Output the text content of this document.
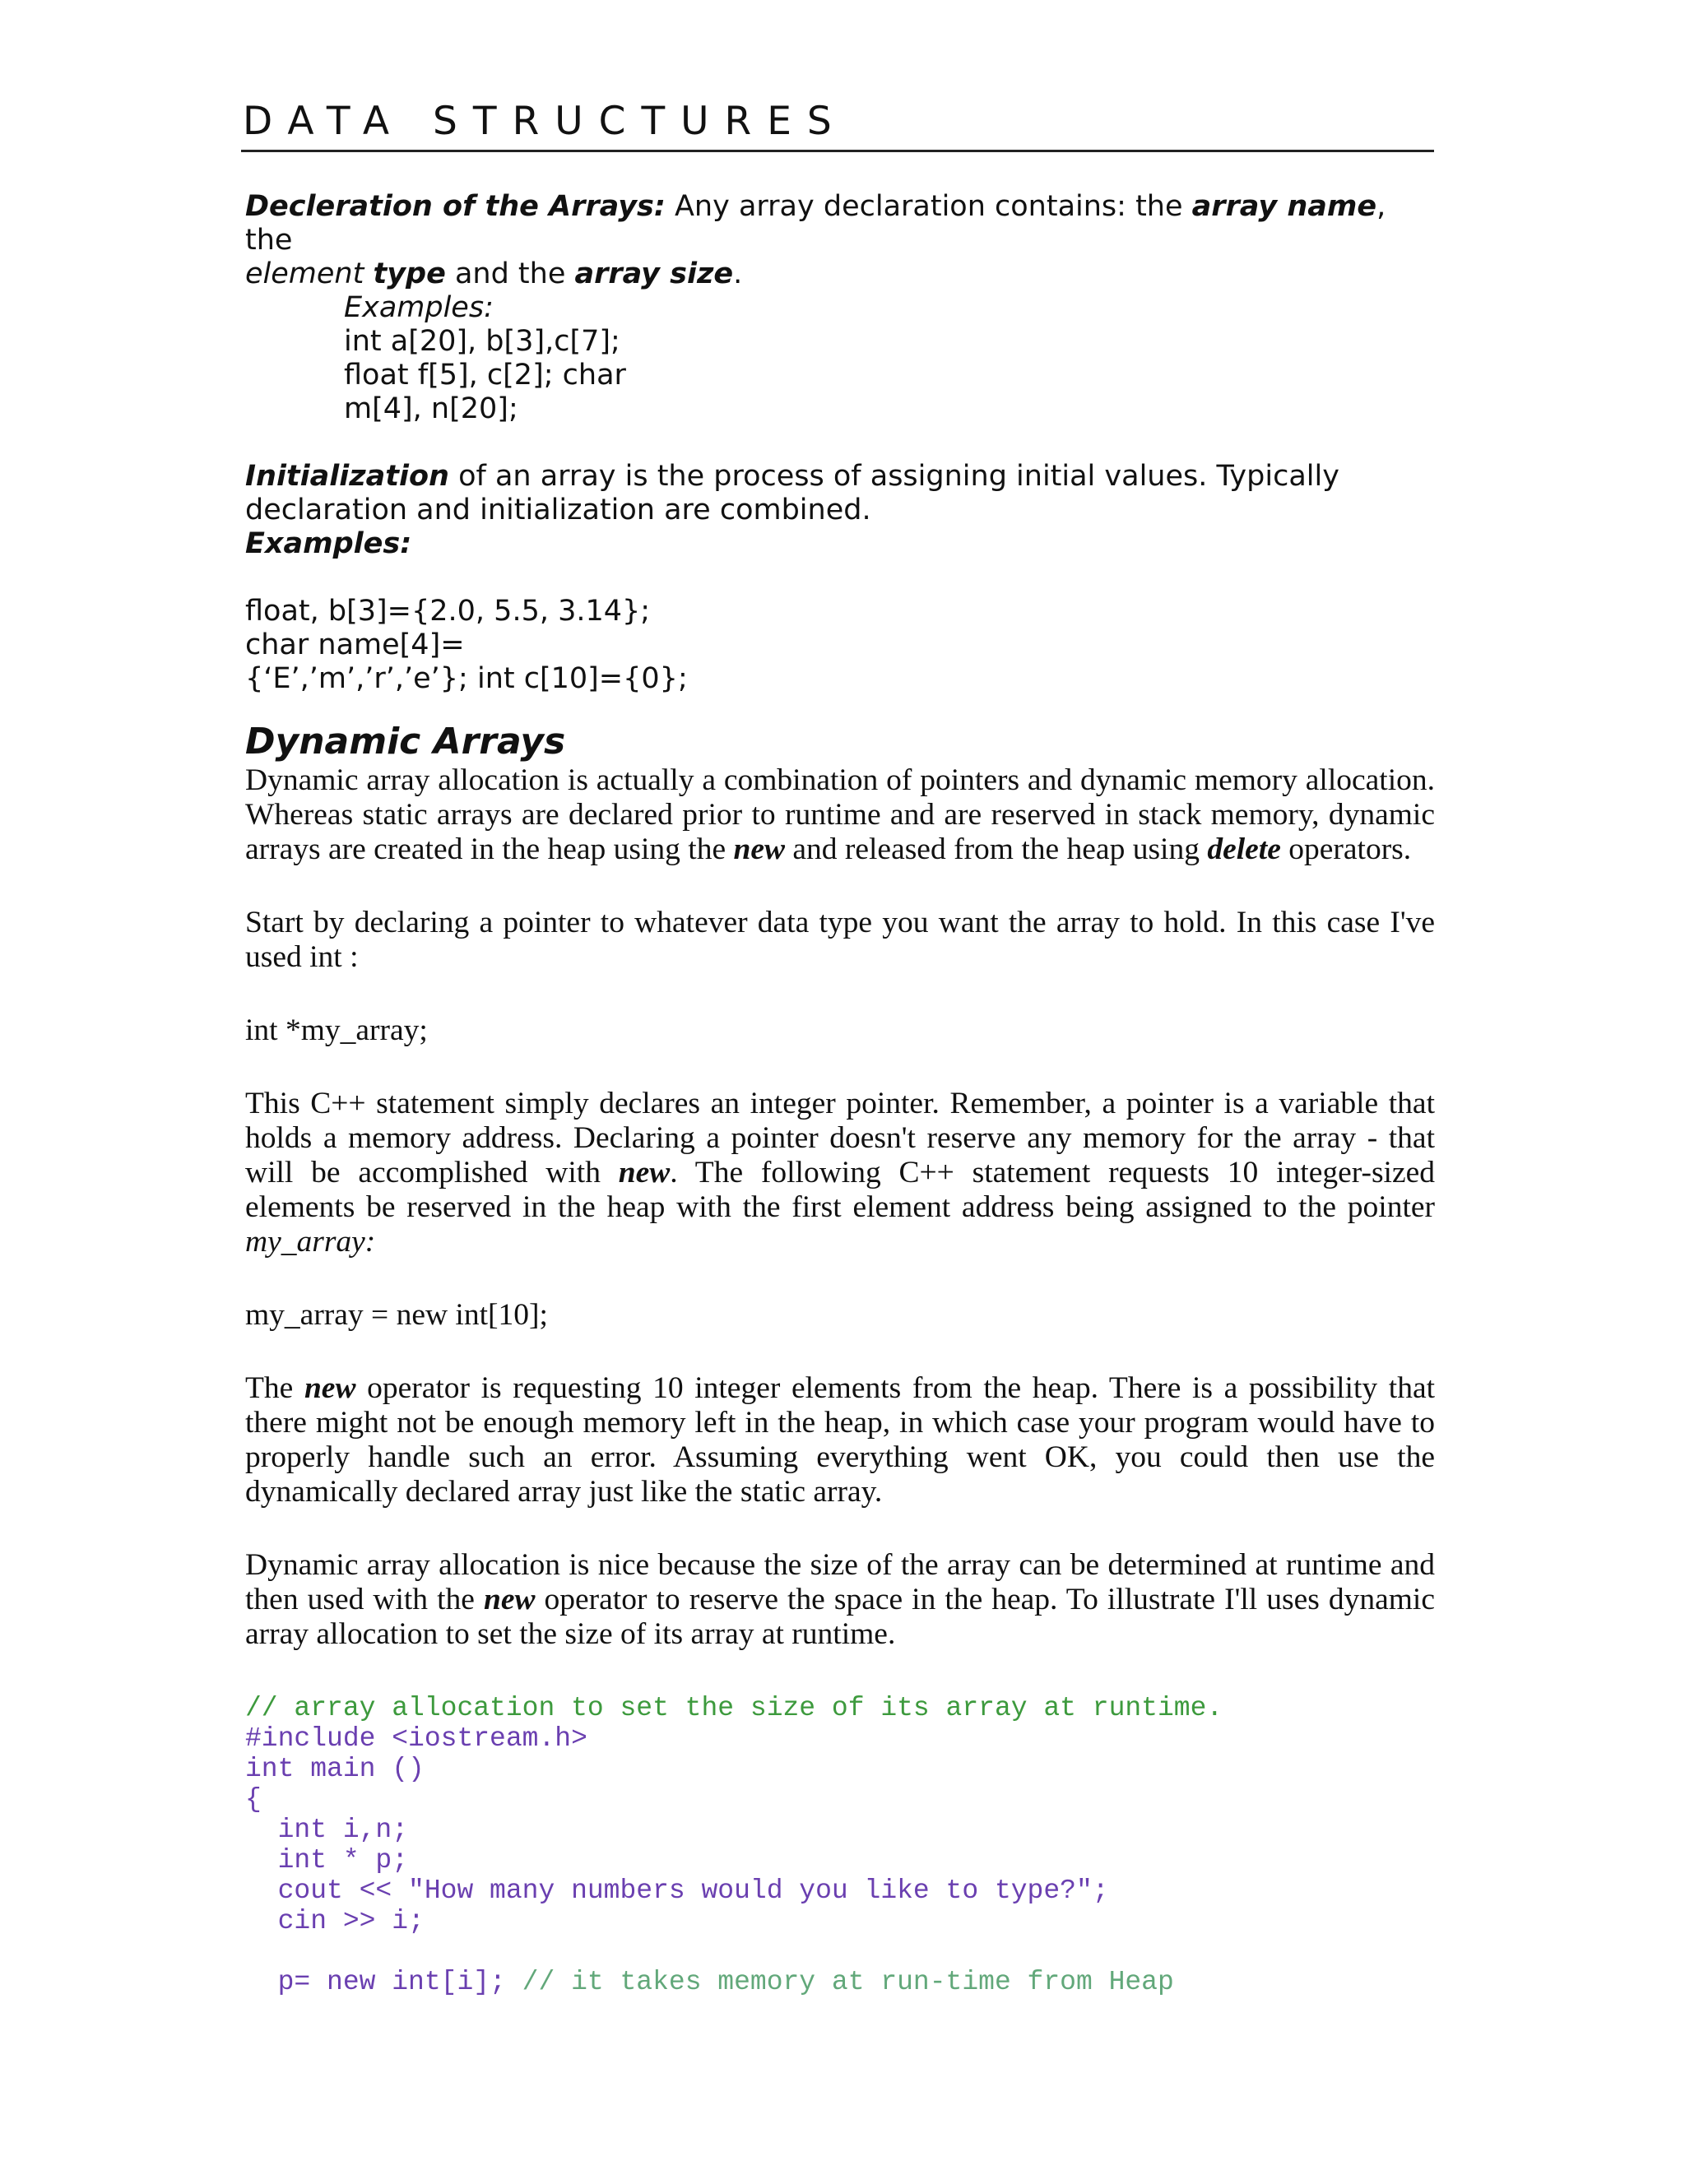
DATA STRUCTURES
Decleration of the Arrays: Any array declaration contains: the array name, the
element type and the array size.
Examples:
int a[20], b[3],c[7];
float f[5], c[2]; char
m[4], n[20];
Initialization of an array is the process of assigning initial values. Typically
declaration and initialization are combined.
Examples:
float, b[3]={2.0, 5.5, 3.14};
char name[4]=
{‘E’,’m’,’r’,’e’}; int c[10]={0};
Dynamic Arrays

Dynamic array allocation is actually a combination of pointers and dynamic memory allocation. Whereas static arrays are declared prior to runtime and are reserved in stack memory, dynamic arrays are created in the heap using the new and released from the heap using delete operators.

Start by declaring a pointer to whatever data type you want the array to hold. In this case I've used int :

int *my_array;

This C++ statement simply declares an integer pointer. Remember, a pointer is a variable that holds a memory address. Declaring a pointer doesn't reserve any memory for the array - that will be accomplished with new. The following C++ statement requests 10 integer-sized elements be reserved in the heap with the first element address being assigned to the pointer my_array:

my_array = new int[10];

The new operator is requesting 10 integer elements from the heap. There is a possibility that there might not be enough memory left in the heap, in which case your program would have to properly handle such an error. Assuming everything went OK, you could then use the dynamically declared array just like the static array.

Dynamic array allocation is nice because the size of the array can be determined at runtime and then used with the new operator to reserve the space in the heap. To illustrate I'll uses dynamic array allocation to set the size of its array at runtime.

// array allocation to set the size of its array at runtime.
#include <iostream.h>
int main ()
{
int i,n;
int * p;
cout << "How many numbers would you like to type?";
cin >> i;
p= new int[i]; // it takes memory at run-time from Heap
